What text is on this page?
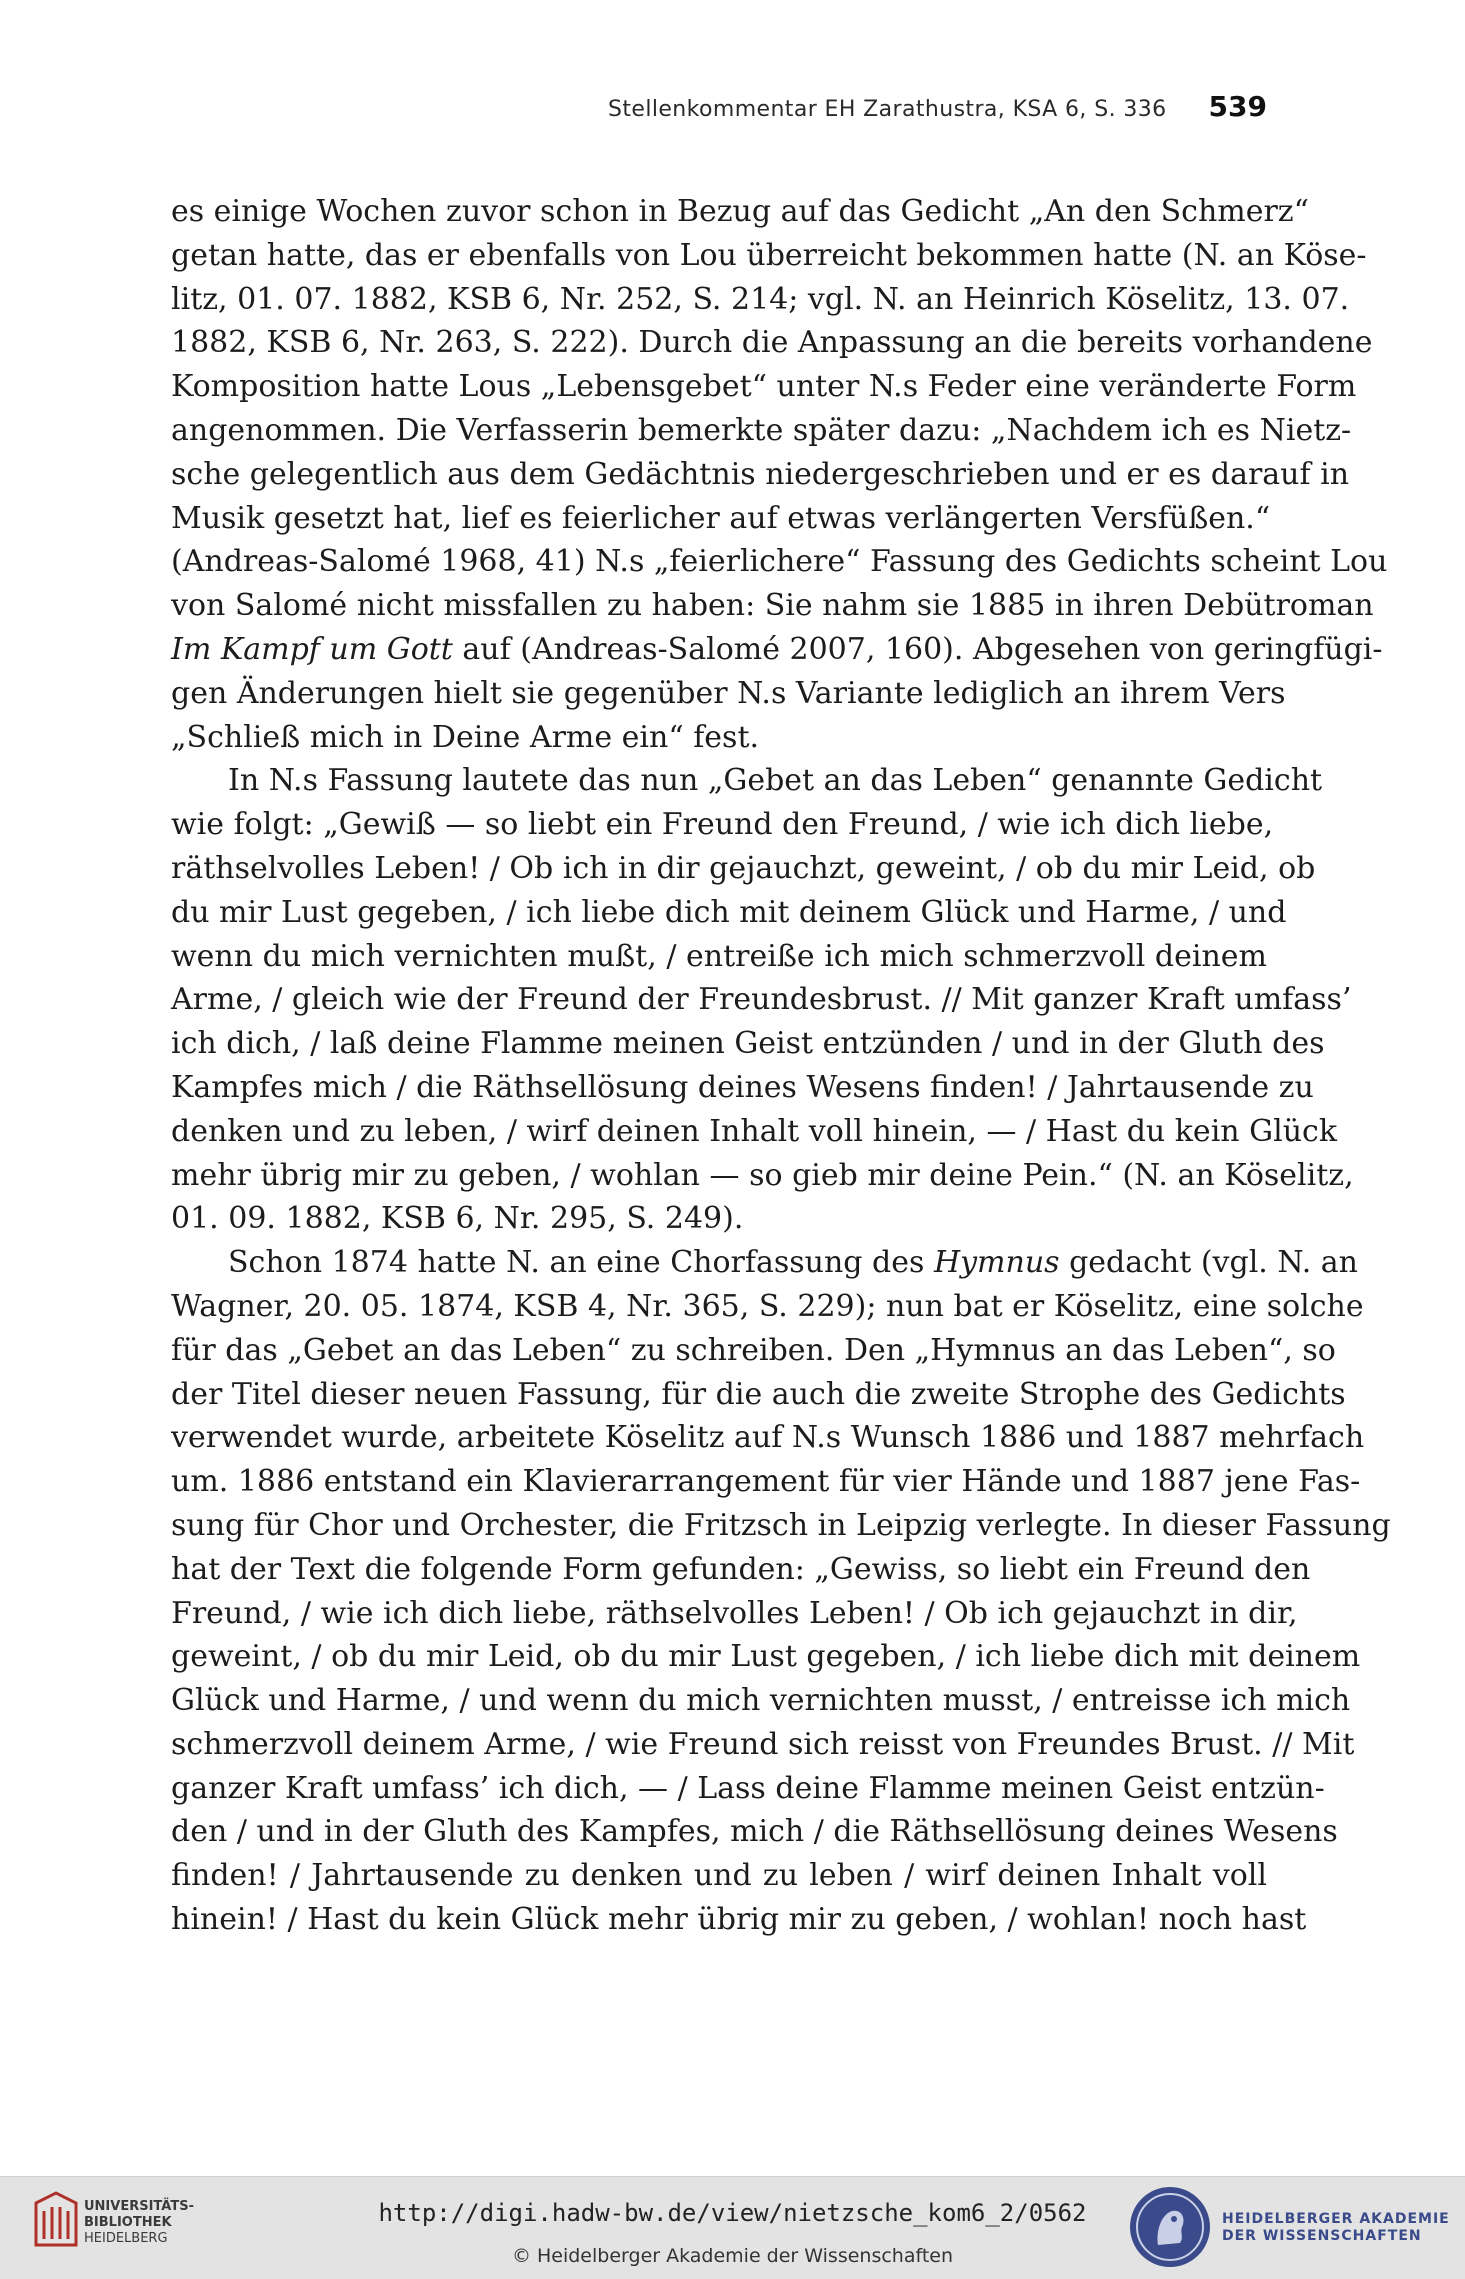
Stellenkommentar EH Zarathustra, KSA 6, S. 336 539
es einige Wochen zuvor schon in Bezug auf das Gedicht „An den Schmerz“
getan hatte, das er ebenfalls von Lou überreicht bekommen hatte (N. an Köse-
litz, 01. 07. 1882, KSB 6, Nr. 252, S. 214; vgl. N. an Heinrich Köselitz, 13. 07.
1882, KSB 6, Nr. 263, S. 222). Durch die Anpassung an die bereits vorhandene
Komposition hatte Lous „Lebensgebet“ unter N.s Feder eine veränderte Form
angenommen. Die Verfasserin bemerkte später dazu: „Nachdem ich es Nietz-
sche gelegentlich aus dem Gedächtnis niedergeschrieben und er es darauf in
Musik gesetzt hat, lief es feierlicher auf etwas verlängerten Versfüßen.“
(Andreas-Salomé 1968, 41) N.s „feierlichere“ Fassung des Gedichts scheint Lou
von Salomé nicht missfallen zu haben: Sie nahm sie 1885 in ihren Debütroman
Im Kampf um Gott auf (Andreas-Salomé 2007, 160). Abgesehen von geringfügi-
gen Änderungen hielt sie gegenüber N.s Variante lediglich an ihrem Vers
„Schließ mich in Deine Arme ein“ fest.
In N.s Fassung lautete das nun „Gebet an das Leben“ genannte Gedicht
wie folgt: „Gewiß — so liebt ein Freund den Freund, / wie ich dich liebe,
räthselvolles Leben! / Ob ich in dir gejauchzt, geweint, / ob du mir Leid, ob
du mir Lust gegeben, / ich liebe dich mit deinem Glück und Harme, / und
wenn du mich vernichten mußt, / entreiße ich mich schmerzvoll deinem
Arme, / gleich wie der Freund der Freundesbrust. // Mit ganzer Kraft umfass’
ich dich, / laß deine Flamme meinen Geist entzünden / und in der Gluth des
Kampfes mich / die Räthsellösung deines Wesens finden! / Jahrtausende zu
denken und zu leben, / wirf deinen Inhalt voll hinein, — / Hast du kein Glück
mehr übrig mir zu geben, / wohlan — so gieb mir deine Pein.“ (N. an Köselitz,
01. 09. 1882, KSB 6, Nr. 295, S. 249).
Schon 1874 hatte N. an eine Chorfassung des Hymnus gedacht (vgl. N. an
Wagner, 20. 05. 1874, KSB 4, Nr. 365, S. 229); nun bat er Köselitz, eine solche
für das „Gebet an das Leben“ zu schreiben. Den „Hymnus an das Leben“, so
der Titel dieser neuen Fassung, für die auch die zweite Strophe des Gedichts
verwendet wurde, arbeitete Köselitz auf N.s Wunsch 1886 und 1887 mehrfach
um. 1886 entstand ein Klavierarrangement für vier Hände und 1887 jene Fas-
sung für Chor und Orchester, die Fritzsch in Leipzig verlegte. In dieser Fassung
hat der Text die folgende Form gefunden: „Gewiss, so liebt ein Freund den
Freund, / wie ich dich liebe, räthselvolles Leben! / Ob ich gejauchzt in dir,
geweint, / ob du mir Leid, ob du mir Lust gegeben, / ich liebe dich mit deinem
Glück und Harme, / und wenn du mich vernichten musst, / entreisse ich mich
schmerzvoll deinem Arme, / wie Freund sich reisst von Freundes Brust. // Mit
ganzer Kraft umfass’ ich dich, — / Lass deine Flamme meinen Geist entzün-
den / und in der Gluth des Kampfes, mich / die Räthsellösung deines Wesens
finden! / Jahrtausende zu denken und zu leben / wirf deinen Inhalt voll
hinein! / Hast du kein Glück mehr übrig mir zu geben, / wohlan! noch hast
UNIVERSITÄTS-
BIBLIOTHEK
HEIDELBERG
http://digi.hadw-bw.de/view/nietzsche_kom6_2/0562
© Heidelberger Akademie der Wissenschaften
HEIDELBERGER AKADEMIE
DER WISSENSCHAFTEN
